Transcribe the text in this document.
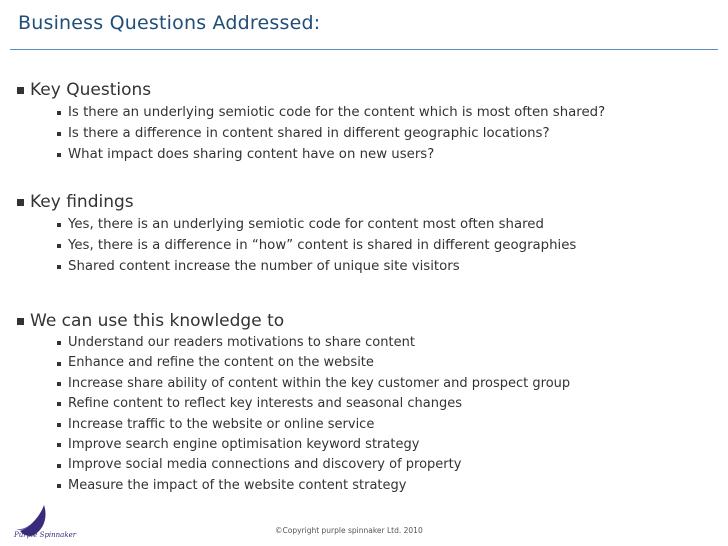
Business Questions Addressed:
Key Questions
Is there an underlying semiotic code for the content which is most often shared?
Is there a difference in content shared in different geographic locations?
What impact does sharing content have on new users?
Key findings
Yes, there is an underlying semiotic code for content most often shared
Yes, there is a difference in “how” content is shared in different geographies
Shared content increase the number of unique site visitors
We can use this knowledge to
Understand our readers motivations to share content
Enhance and refine the content on the website
Increase share ability of content within the key customer and prospect group
Refine content to reflect key interests and seasonal changes
Increase traffic to the website or online service
Improve search engine optimisation keyword strategy
Improve social media connections and discovery of property
Measure the impact of the website content strategy
Purple Spinnaker	©Copyright purple spinnaker Ltd. 2010
